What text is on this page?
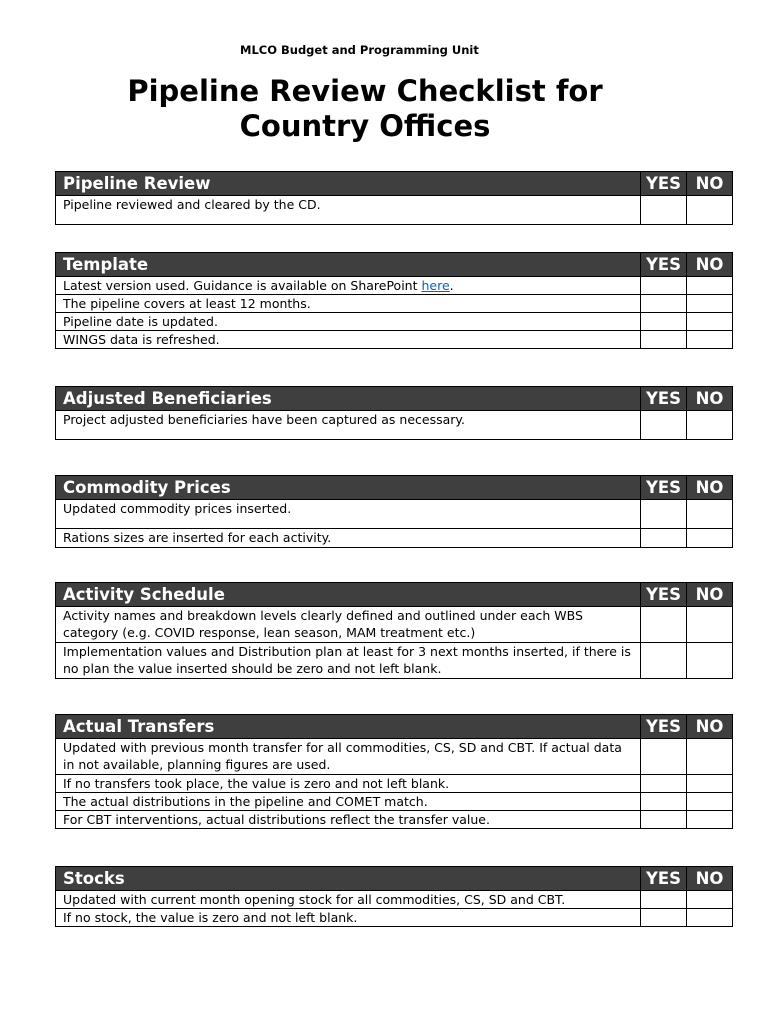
MLCO Budget and Programming Unit
Pipeline Review Checklist for Country Offices
Pipeline Review	YES	NO
Pipeline reviewed and cleared by the CD.		
Template	YES	NO
Latest version used. Guidance is available on SharePoint here.		
The pipeline covers at least 12 months.		
Pipeline date is updated.		
WINGS data is refreshed.		
Adjusted Beneficiaries	YES	NO
Project adjusted beneficiaries have been captured as necessary.		
Commodity Prices	YES	NO
Updated commodity prices inserted.		
Rations sizes are inserted for each activity.		
Activity Schedule	YES	NO
Activity names and breakdown levels clearly defined and outlined under each WBS category (e.g. COVID response, lean season, MAM treatment etc.)		
Implementation values and Distribution plan at least for 3 next months inserted, if there is no plan the value inserted should be zero and not left blank.		
Actual Transfers	YES	NO
Updated with previous month transfer for all commodities, CS, SD and CBT. If actual data in not available, planning figures are used.		
If no transfers took place, the value is zero and not left blank.		
The actual distributions in the pipeline and COMET match.		
For CBT interventions, actual distributions reflect the transfer value.		
Stocks	YES	NO
Updated with current month opening stock for all commodities, CS, SD and CBT.		
If no stock, the value is zero and not left blank.		
